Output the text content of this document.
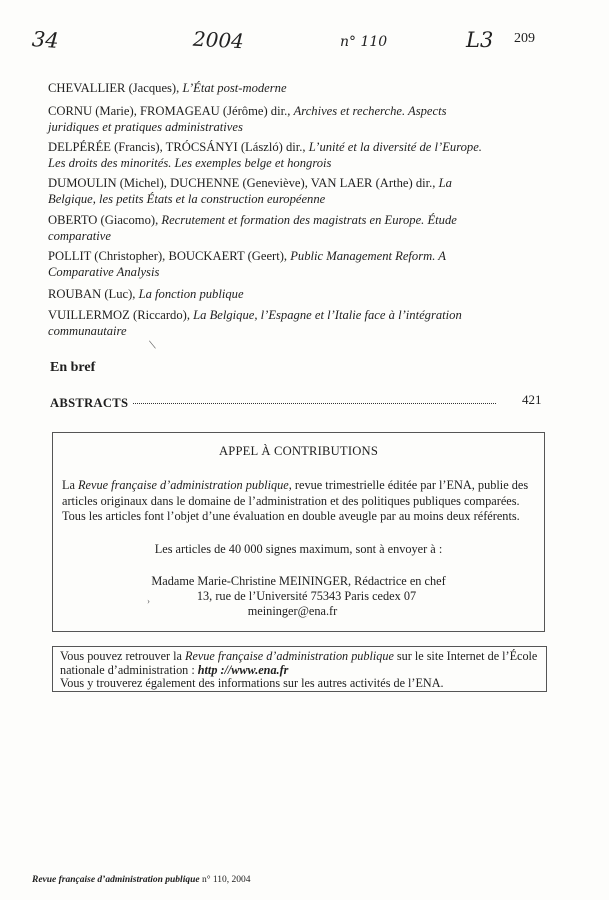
34	2004	n° 110	L3 209
CHEVALLIER (Jacques), L’État post-moderne
CORNU (Marie), FROMAGEAU (Jérôme) dir., Archives et recherche. Aspects juridiques et pratiques administratives
DELPÉRÉE (Francis), TRÓCSÁNYI (László) dir., L’unité et la diversité de l’Europe. Les droits des minorités. Les exemples belge et hongrois
DUMOULIN (Michel), DUCHENNE (Geneviève), VAN LAER (Arthe) dir., La Belgique, les petits États et la construction européenne
OBERTO (Giacomo), Recrutement et formation des magistrats en Europe. Étude comparative
POLLIT (Christopher), BOUCKAERT (Geert), Public Management Reform. A Comparative Analysis
ROUBAN (Luc), La fonction publique
VUILLERMOZ (Riccardo), La Belgique, l’Espagne et l’Italie face à l’intégration communautaire
\
›
En bref
ABSTRACTS	421
APPEL À CONTRIBUTIONS
La Revue française d’administration publique, revue trimestrielle éditée par l’ENA, publie des articles originaux dans le domaine de l’administration et des politiques publiques comparées. Tous les articles font l’objet d’une évaluation en double aveugle par au moins deux référents.
Les articles de 40 000 signes maximum, sont à envoyer à :
Madame Marie-Christine MEININGER, Rédactrice en chef
13, rue de l’Université 75343 Paris cedex 07
meininger@ena.fr
Vous pouvez retrouver la Revue française d’administration publique sur le site Internet de l’École nationale d’administration : http ://www.ena.fr
Vous y trouverez également des informations sur les autres activités de l’ENA.
Revue française d’administration publique n° 110, 2004
